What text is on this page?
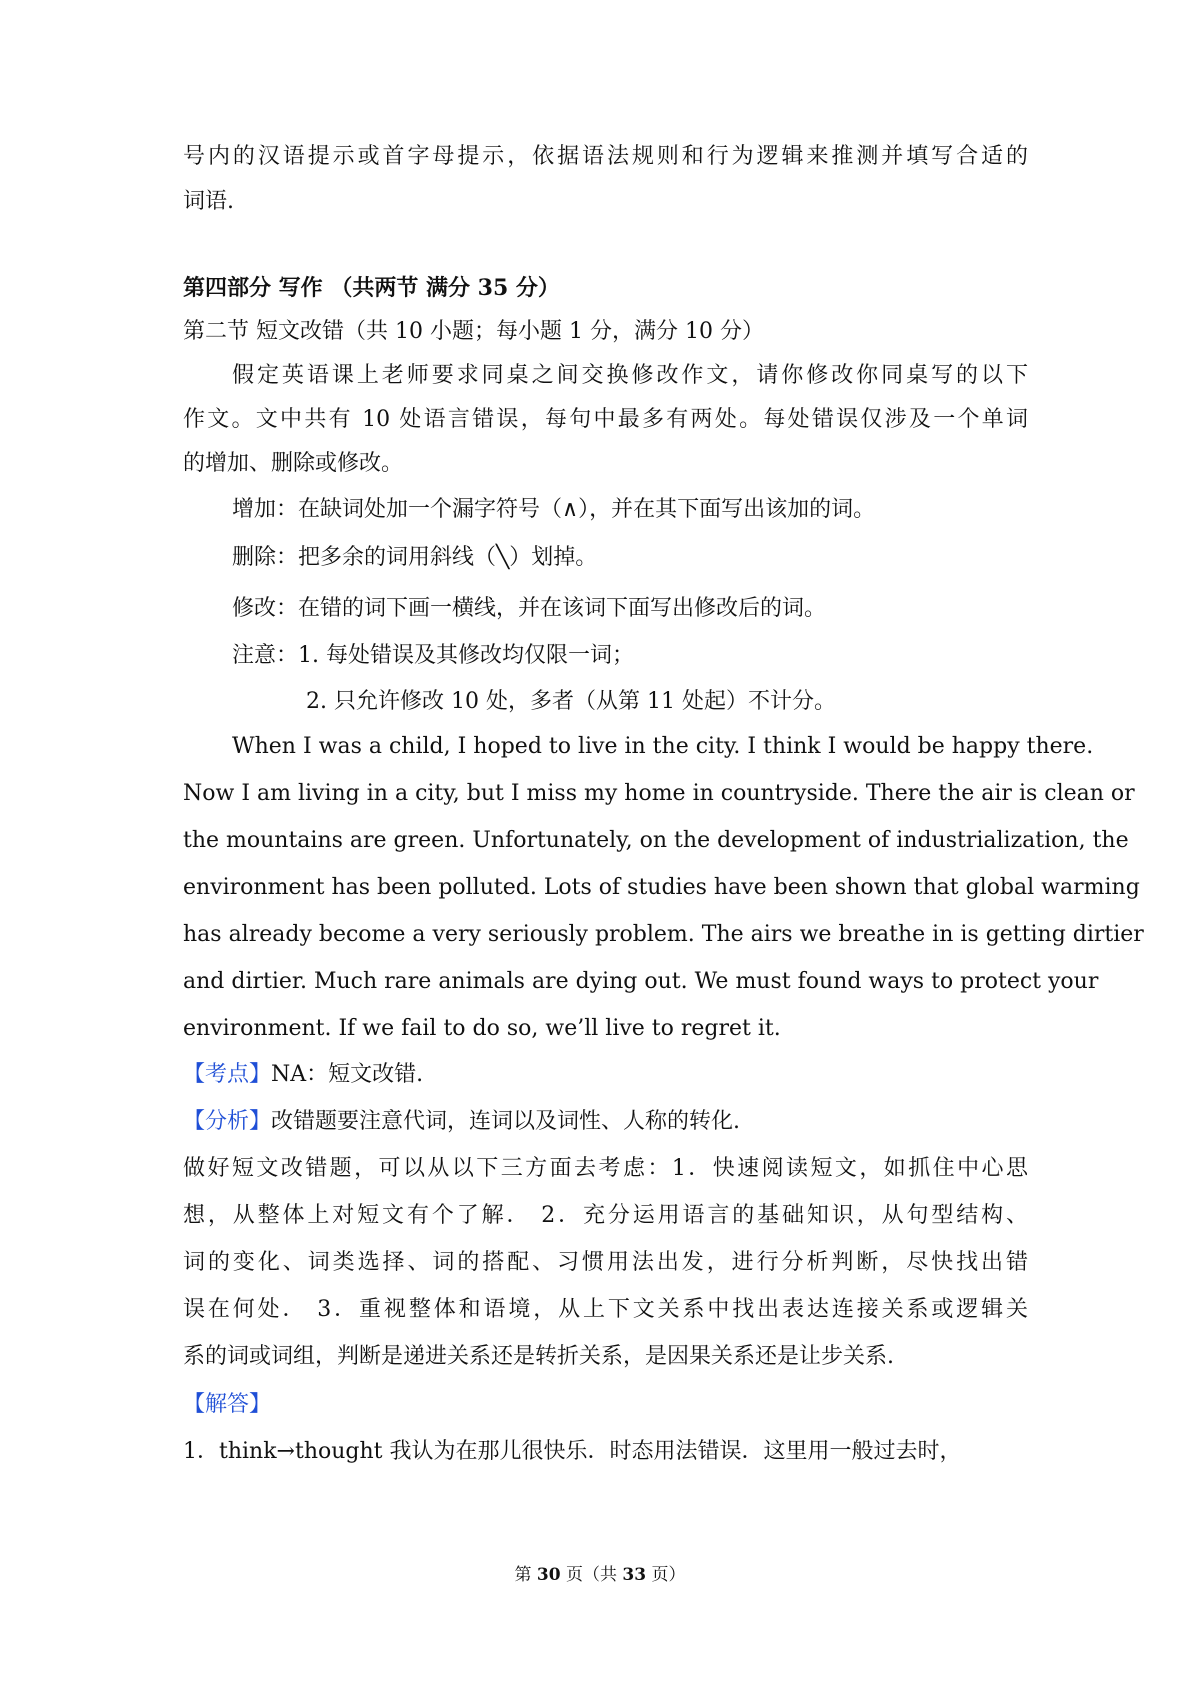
号内的汉语提示或首字母提示，依据语法规则和行为逻辑来推测并填写合适的

词语.

第四部分 写作 （共两节 满分 35 分）

第二节 短文改错（共 10 小题；每小题 1 分，满分 10 分）

假定英语课上老师要求同桌之间交换修改作文，请你修改你同桌写的以下

作文。文中共有 10 处语言错误，每句中最多有两处。每处错误仅涉及一个单词

的增加、删除或修改。

增加：在缺词处加一个漏字符号（∧），并在其下面写出该加的词。

删除：把多余的词用斜线（╲）划掉。

修改：在错的词下画一横线，并在该词下面写出修改后的词。

注意：1. 每处错误及其修改均仅限一词；

2. 只允许修改 10 处，多者（从第 11 处起）不计分。

When I was a child, I hoped to live in the city. I think I would be happy there.

Now I am living in a city, but I miss my home in countryside. There the air is clean or

the mountains are green. Unfortunately, on the development of industrialization, the

environment has been polluted. Lots of studies have been shown that global warming

has already become a very seriously problem. The airs we breathe in is getting dirtier

and dirtier. Much rare animals are dying out. We must found ways to protect your

environment. If we fail to do so, we’ll live to regret it.

【考点】NA：短文改错.

【分析】改错题要注意代词，连词以及词性、人称的转化.

做好短文改错题，可以从以下三方面去考虑：1．快速阅读短文，如抓住中心思

想，从整体上对短文有个了解． 2．充分运用语言的基础知识，从句型结构、

词的变化、词类选择、词的搭配、习惯用法出发，进行分析判断，尽快找出错

误在何处． 3．重视整体和语境，从上下文关系中找出表达连接关系或逻辑关

系的词或词组，判断是递进关系还是转折关系，是因果关系还是让步关系.

【解答】

1．think→thought 我认为在那儿很快乐．时态用法错误．这里用一般过去时，

第 30 页（共 33 页）
